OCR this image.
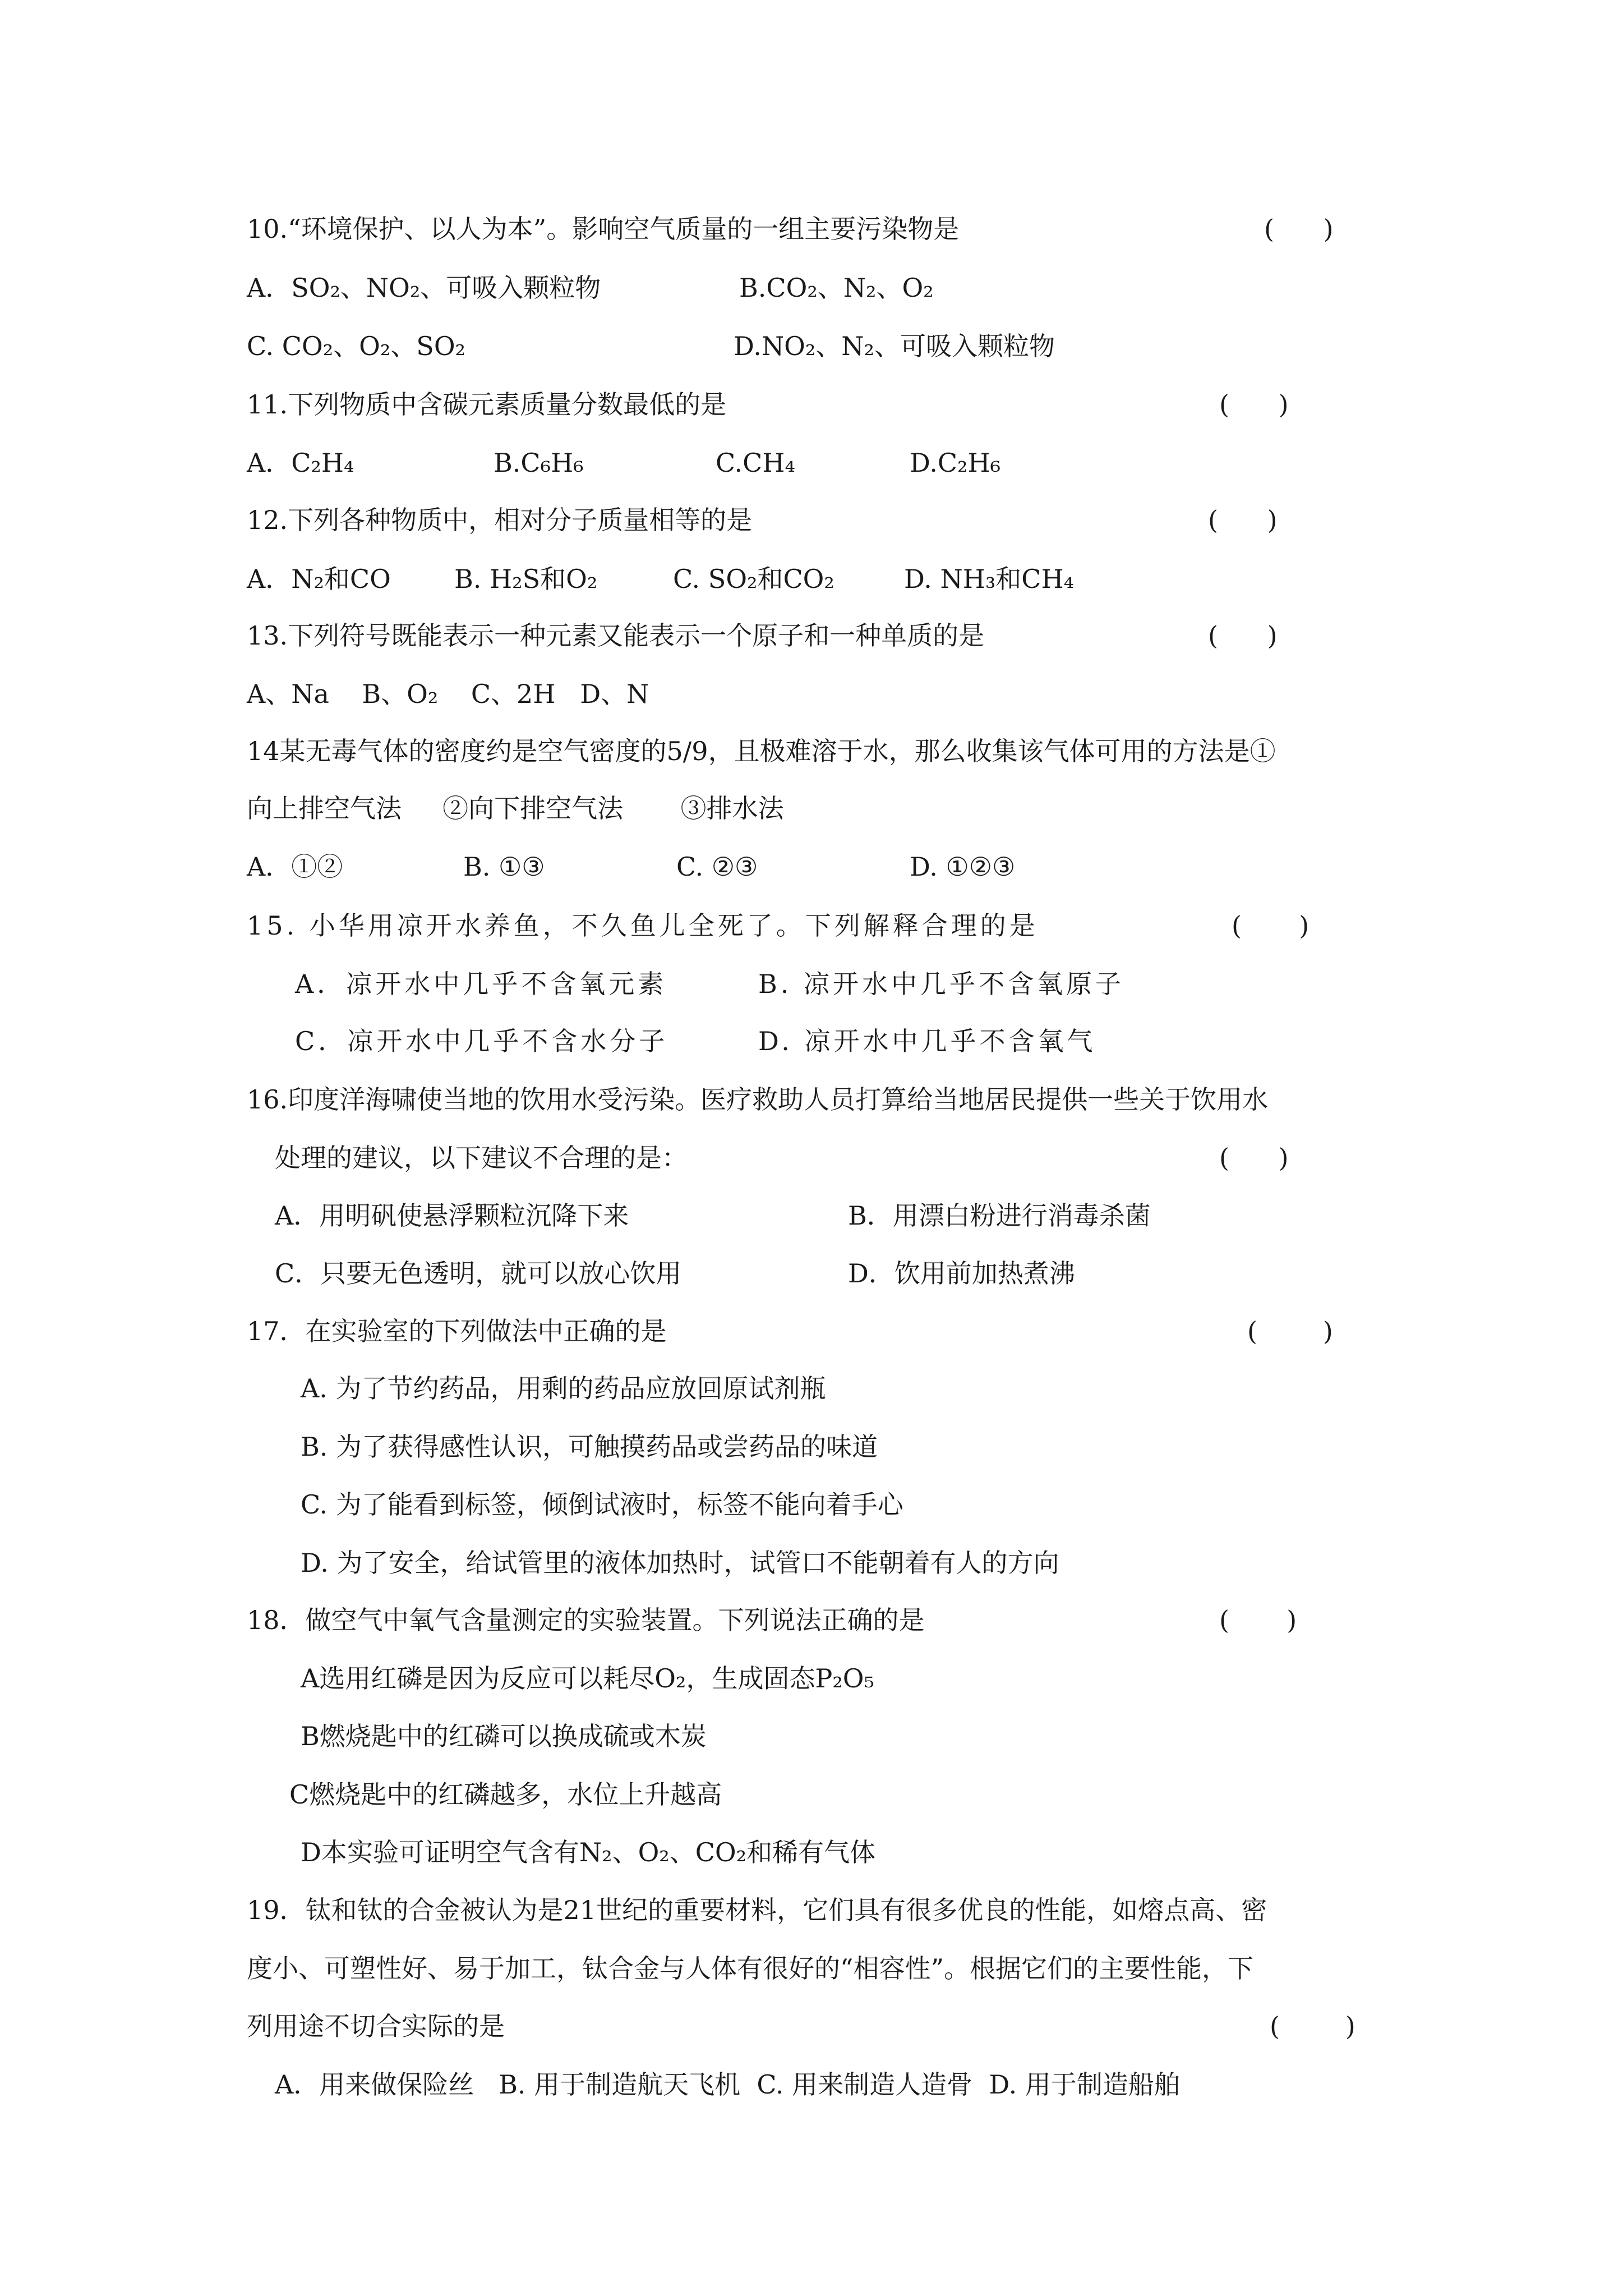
10.“环境保护、以人为本”。影响空气质量的一组主要污染物是	(      )
A．SO₂、NO₂、可吸入颗粒物	B.CO₂、N₂、O₂
C. CO₂、O₂、SO₂	D.NO₂、N₂、可吸入颗粒物
11.下列物质中含碳元素质量分数最低的是	(      )
A．C₂H₄	B.C₆H₆	C.CH₄	D.C₂H₆
12.下列各种物质中，相对分子质量相等的是	(      )
A．N₂和CO B. H₂S和O₂	C. SO₂和CO₂	D. NH₃和CH₄
13.下列符号既能表示一种元素又能表示一个原子和一种单质的是	(      )
A、Na    B、O₂    C、2H   D、N
14某无毒气体的密度约是空气密度的5/9，且极难溶于水，那么收集该气体可用的方法是①
向上排空气法     ②向下排空气法       ③排水法
A．①②	B. ①③	C. ②③	D. ①②③
15. 小华用凉开水养鱼，不久鱼儿全死了。下列解释合理的是	(       )
A．凉开水中几乎不含氧元素	B. 凉开水中几乎不含氧原子
C．凉开水中几乎不含水分子	D. 凉开水中几乎不含氧气
16.印度洋海啸使当地的饮用水受污染。医疗救助人员打算给当地居民提供一些关于饮用水
处理的建议，以下建议不合理的是：	(      )
A．用明矾使悬浮颗粒沉降下来	B．用漂白粉进行消毒杀菌
C．只要无色透明，就可以放心饮用	D．饮用前加热煮沸
17．在实验室的下列做法中正确的是	(        )
A. 为了节约药品，用剩的药品应放回原试剂瓶
B. 为了获得感性认识，可触摸药品或尝药品的味道
C. 为了能看到标签，倾倒试液时，标签不能向着手心
D. 为了安全，给试管里的液体加热时，试管口不能朝着有人的方向
18．做空气中氧气含量测定的实验装置。下列说法正确的是	(       )
A选用红磷是因为反应可以耗尽O₂，生成固态P₂O₅
B燃烧匙中的红磷可以换成硫或木炭
C燃烧匙中的红磷越多，水位上升越高
D本实验可证明空气含有N₂、O₂、CO₂和稀有气体
19．钛和钛的合金被认为是21世纪的重要材料，它们具有很多优良的性能，如熔点高、密
度小、可塑性好、易于加工，钛合金与人体有很好的“相容性”。根据它们的主要性能，下
列用途不切合实际的是	(        )
A．用来做保险丝   B. 用于制造航天飞机  C. 用来制造人造骨  D. 用于制造船舶
